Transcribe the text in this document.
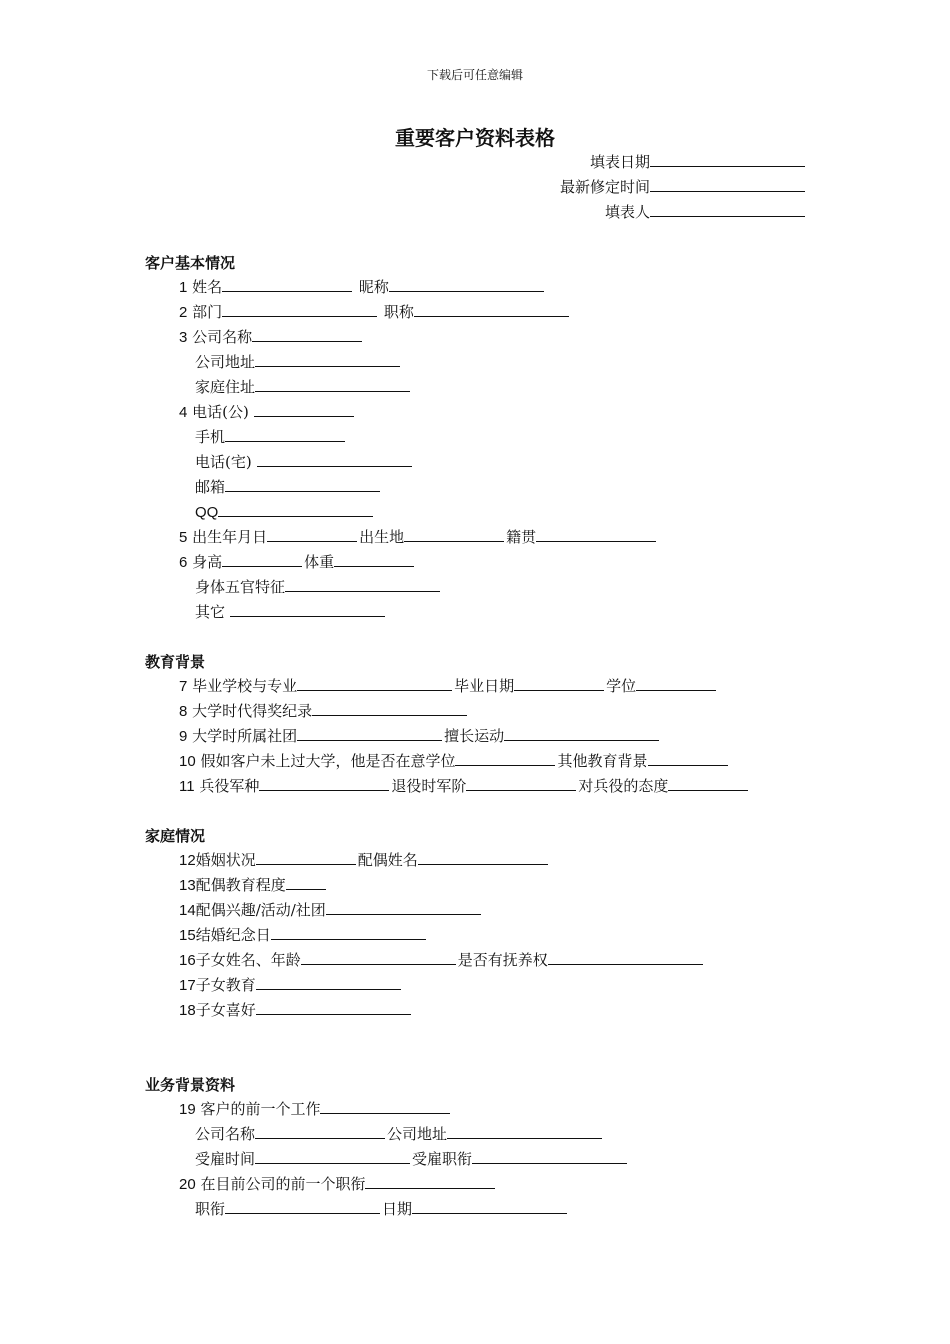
下载后可任意编辑
重要客户资料表格
填表日期
最新修定时间
填表人
客户基本情况
1 姓名	昵称
2 部门	职称
3 公司名称
公司地址
家庭住址
4 电话(公)
手机
电话(宅)
邮箱
QQ
5 出生年月日	出生地	籍贯
6 身高	体重
身体五官特征
其它
教育背景
7 毕业学校与专业	毕业日期	学位
8 大学时代得奖纪录
9 大学时所属社团	擅长运动
10 假如客户未上过大学，他是否在意学位	其他教育背景
11 兵役军种	退役时军阶	对兵役的态度
家庭情况
12婚姻状况	配偶姓名
13配偶教育程度
14配偶兴趣/活动/社团
15结婚纪念日
16子女姓名、年龄	是否有抚养权
17子女教育
18子女喜好
业务背景资料
19 客户的前一个工作
公司名称	公司地址
受雇时间	受雇职衔
20 在目前公司的前一个职衔
职衔	日期
